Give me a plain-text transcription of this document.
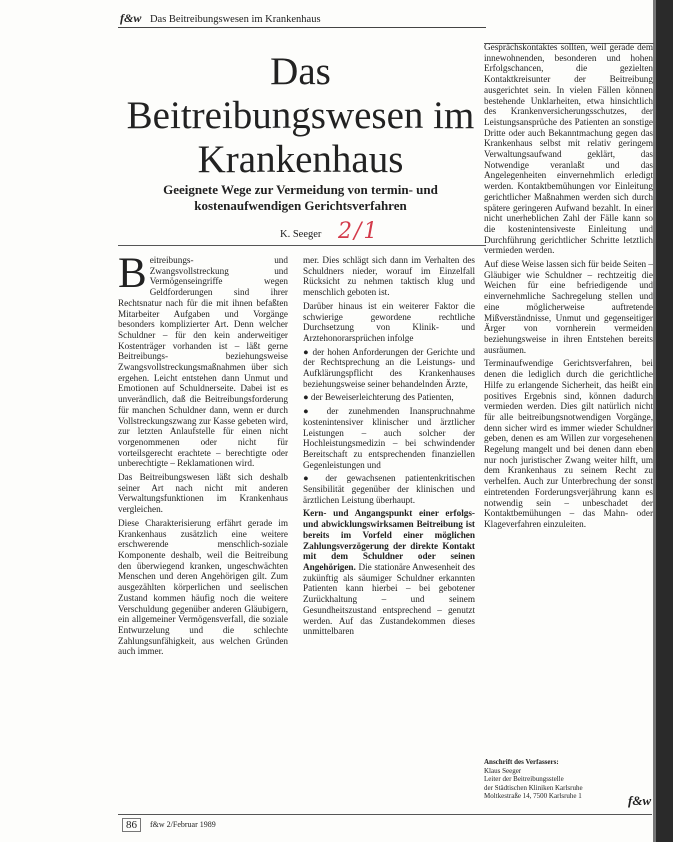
f&w Das Beitreibungswesen im Krankenhaus
Das Beitreibungswesen im Krankenhaus
Geeignete Wege zur Vermeidung von termin- und kostenaufwendigen Gerichtsverfahren
K. Seeger 2/1

Beitreibungs- und Zwangsvollstreckung und Vermögenseingriffe wegen Geldforderungen sind ihrer Rechtsnatur nach für die mit ihnen befaßten Mitarbeiter Aufgaben und Vorgänge besonders komplizierter Art. Denn welcher Schuldner – für den kein anderweitiger Kostenträger vorhanden ist – läßt gerne Beitreibungs- beziehungsweise Zwangsvollstreckungsmaßnahmen über sich ergehen. Leicht entstehen dann Unmut und Emotionen auf Schuldnerseite. Dabei ist es unverändlich, daß die Beitreibungsforderung für manchen Schuldner dann, wenn er durch Vollstreckungszwang zur Kasse gebeten wird, zur letzten Anlaufstelle für einen nicht vorgenommenen oder nicht für vorteilsgerecht erachtete – berechtigte oder unberechtigte – Reklamationen wird.

Das Beitreibungswesen läßt sich deshalb seiner Art nach nicht mit anderen Verwaltungsfunktionen im Krankenhaus vergleichen.

Diese Charakterisierung erfährt gerade im Krankenhaus zusätzlich eine weitere erschwerende menschlich-soziale Komponente deshalb, weil die Beitreibung den überwiegend kranken, ungeschwächten Menschen und deren Angehörigen gilt. Zum ausgezählten körperlichen und seelischen Zustand kommen häufig noch die weitere Verschuldung gegenüber anderen Gläubigern, ein allgemeiner Vermögensverfall, die soziale Entwurzelung und die schlechte Zahlungsunfähigkeit, aus welchen Gründen auch immer.

mer. Dies schlägt sich dann im Verhalten des Schuldners nieder, worauf im Einzelfall Rücksicht zu nehmen taktisch klug und menschlich geboten ist.

Darüber hinaus ist ein weiterer Faktor die schwierige gewordene rechtliche Durchsetzung von Klinik- und Arztehonorarsprüchen infolge

● der hohen Anforderungen der Gerichte und der Rechtsprechung an die Leistungs- und Aufklärungspflicht des Krankenhauses beziehungsweise seiner behandelnden Ärzte,

● der Beweiserleichterung des Patienten,

● der zunehmenden Inanspruchnahme kostenintensiver klinischer und ärztlicher Leistungen – auch solcher der Hochleistungsmedizin – bei schwindender Bereitschaft zu entsprechenden finanziellen Gegenleistungen und

● der gewachsenen patientenkritischen Sensibilität gegenüber der klinischen und ärztlichen Leistung überhaupt.

Kern- und Angangspunkt einer erfolgs- und abwicklungswirksamen Beitreibung ist bereits im Vorfeld einer möglichen Zahlungsverzögerung der direkte Kontakt mit dem Schuldner oder seinen Angehörigen. Die stationäre Anwesenheit des zukünftig als säumiger Schuldner erkannten Patienten kann hierbei – bei gebotener Zurückhaltung – und seinem Gesundheitszustand entsprechend – genutzt werden. Auf das Zustandekommen dieses unmittelbaren

Gesprächskontaktes sollten, weil gerade dem innewohnenden, besonderen und hohen Erfolgschancen, die gezielten Kontaktkreisunter der Beitreibung ausgerichtet sein. In vielen Fällen können bestehende Unklarheiten, etwa hinsichtlich des Krankenversicherungsschutzes, der Leistungsansprüche des Patienten an sonstige Dritte oder auch Bekanntmachung gegen das Krankenhaus selbst mit relativ geringem Verwaltungsaufwand geklärt, das Notwendige veranlaßt und das Angelegenheiten einvernehmlich erledigt werden. Kontaktbemühungen vor Einleitung gerichtlicher Maßnahmen werden sich durch spätere geringeren Aufwand bezahlt. In einer nicht unerheblichen Zahl der Fälle kann so die kostenintensiveste Einleitung und Durchführung gerichtlicher Schritte letztlich vermieden werden.

Auf diese Weise lassen sich für beide Seiten – Gläubiger wie Schuldner – rechtzeitig die Weichen für eine befriedigende und einvernehmliche Sachregelung stellen und eine möglicherweise auftretende Mißverständnisse, Unmut und gegenseitiger Ärger von vornherein vermeiden beziehungsweise in ihren Entstehen bereits ausräumen.

Terminaufwendige Gerichtsverfahren, bei denen die lediglich durch die gerichtliche Hilfe zu erlangende Sicherheit, das heißt ein positives Ergebnis sind, können dadurch vermieden werden. Dies gilt natürlich nicht für alle beitreibungsnotwendigen Vorgänge, denn sicher wird es immer wieder Schuldner geben, denen es am Willen zur vorgesehenen Regelung mangelt und bei denen dann eben nur noch juristischer Zwang weiter hilft, um dem Krankenhaus zu seinem Recht zu verhelfen. Auch zur Unterbrechung der sonst eintretenden Forderungsverjährung kann es notwendig sein – unbeschadet der Kontaktbemühungen – das Mahn- oder Klageverfahren einzuleiten.

Anschrift des Verfassers:
Klaus Seeger
Leiter der Beitreibungsstelle
der Städtischen Kliniken Karlsruhe
Moltkestraße 14, 7500 Karlsruhe 1	f&w
86	f&w 2/Februar 1989
